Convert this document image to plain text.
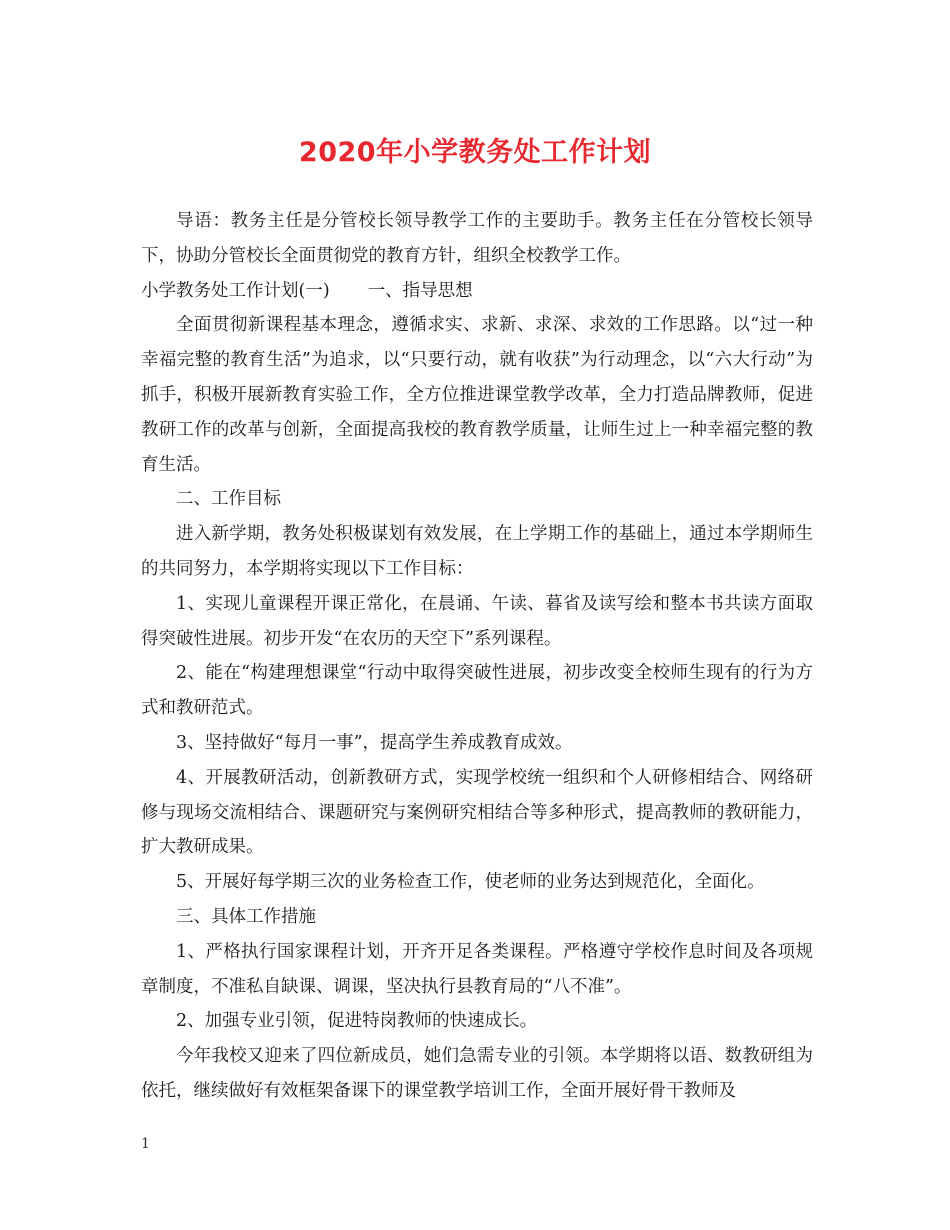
2020年小学教务处工作计划

导语：教务主任是分管校长领导教学工作的主要助手。教务主任在分管校长领导下，协助分管校长全面贯彻党的教育方针，组织全校教学工作。

小学教务处工作计划(一) 一、指导思想

全面贯彻新课程基本理念，遵循求实、求新、求深、求效的工作思路。以“过一种幸福完整的教育生活”为追求，以“只要行动，就有收获”为行动理念，以“六大行动”为抓手，积极开展新教育实验工作，全方位推进课堂教学改革，全力打造品牌教师，促进教研工作的改革与创新，全面提高我校的教育教学质量，让师生过上一种幸福完整的教育生活。

二、工作目标

进入新学期，教务处积极谋划有效发展，在上学期工作的基础上，通过本学期师生的共同努力，本学期将实现以下工作目标：

1、实现儿童课程开课正常化，在晨诵、午读、暮省及读写绘和整本书共读方面取得突破性进展。初步开发“在农历的天空下”系列课程。

2、能在“构建理想课堂“行动中取得突破性进展，初步改变全校师生现有的行为方式和教研范式。

3、坚持做好“每月一事”，提高学生养成教育成效。

4、开展教研活动，创新教研方式，实现学校统一组织和个人研修相结合、网络研修与现场交流相结合、课题研究与案例研究相结合等多种形式，提高教师的教研能力，扩大教研成果。

5、开展好每学期三次的业务检查工作，使老师的业务达到规范化，全面化。

三、具体工作措施

1、严格执行国家课程计划，开齐开足各类课程。严格遵守学校作息时间及各项规章制度，不准私自缺课、调课，坚决执行县教育局的“八不准”。

2、加强专业引领，促进特岗教师的快速成长。

今年我校又迎来了四位新成员，她们急需专业的引领。本学期将以语、数教研组为依托，继续做好有效框架备课下的课堂教学培训工作，全面开展好骨干教师及

1
